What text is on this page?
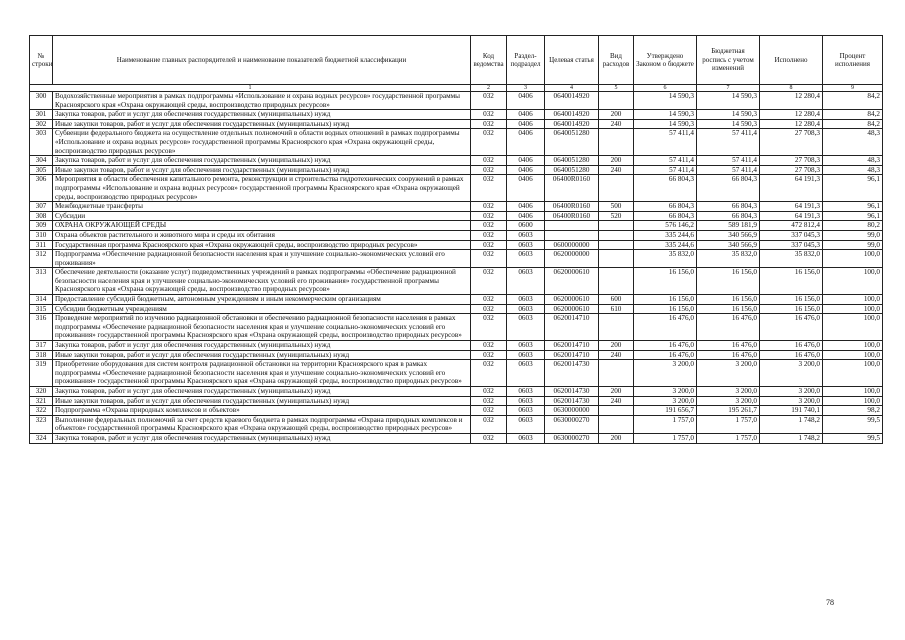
№ строки	Наименование главных распорядителей и наименование показателей бюджетной классификации	Код ведомства	Раздел-подраздел	Целевая статья	Вид расходов	Утверждено Законом о бюджете	Бюджетная роспись с учетом изменений	Исполнено	Процент исполнения
1		2	3	4	5	6	7	8	9
300	Водохозяйственные мероприятия в рамках подпрограммы «Использование и охрана водных ресурсов» государственной программы Красноярского края «Охрана окружающей среды, воспроизводство природных ресурсов»	032	0406	0640014920		14 590,3	14 590,3	12 280,4	84,2
301	Закупка товаров, работ и услуг для обеспечения государственных (муниципальных) нужд	032	0406	0640014920	200	14 590,3	14 590,3	12 280,4	84,2
302	Иные закупки товаров, работ и услуг для обеспечения государственных (муниципальных) нужд	032	0406	0640014920	240	14 590,3	14 590,3	12 280,4	84,2
303	Субвенции федерального бюджета на осуществление отдельных полномочий в области водных отношений в рамках подпрограммы «Использование и охрана водных ресурсов» государственной программы Красноярского края «Охрана окружающей среды, воспроизводство природных ресурсов»	032	0406	0640051280		57 411,4	57 411,4	27 708,3	48,3
304	Закупка товаров, работ и услуг для обеспечения государственных (муниципальных) нужд	032	0406	0640051280	200	57 411,4	57 411,4	27 708,3	48,3
305	Иные закупки товаров, работ и услуг для обеспечения государственных (муниципальных) нужд	032	0406	0640051280	240	57 411,4	57 411,4	27 708,3	48,3
306	Мероприятия в области обеспечения капитального ремонта, реконструкции и строительства гидротехнических сооружений в рамках подпрограммы «Использование и охрана водных ресурсов» государственной программы Красноярского края «Охрана окружающей среды, воспроизводство природных ресурсов»	032	0406	06400R0160		66 804,3	66 804,3	64 191,3	96,1
307	Межбюджетные трансферты	032	0406	06400R0160	500	66 804,3	66 804,3	64 191,3	96,1
308	Субсидии	032	0406	06400R0160	520	66 804,3	66 804,3	64 191,3	96,1
309	ОХРАНА ОКРУЖАЮЩЕЙ СРЕДЫ	032	0600			576 146,2	589 181,9	472 812,4	80,2
310	Охрана объектов растительного и животного мира и среды их обитания	032	0603			335 244,6	340 566,9	337 045,3	99,0
311	Государственная программа Красноярского края «Охрана окружающей среды, воспроизводство природных ресурсов»	032	0603	0600000000		335 244,6	340 566,9	337 045,3	99,0
312	Подпрограмма «Обеспечение радиационной безопасности населения края и улучшение социально-экономических условий его проживания»	032	0603	0620000000		35 832,0	35 832,0	35 832,0	100,0
313	Обеспечение деятельности (оказание услуг) подведомственных учреждений в рамках подпрограммы «Обеспечение радиационной безопасности населения края и улучшение социально-экономических условий его проживания» государственной программы Красноярского края «Охрана окружающей среды, воспроизводство природных ресурсов»	032	0603	0620000610		16 156,0	16 156,0	16 156,0	100,0
314	Предоставление субсидий бюджетным, автономным учреждениям и иным некоммерческим организациям	032	0603	0620000610	600	16 156,0	16 156,0	16 156,0	100,0
315	Субсидии бюджетным учреждениям	032	0603	0620000610	610	16 156,0	16 156,0	16 156,0	100,0
316	Проведение мероприятий по изучению радиационной обстановки и обеспечению радиационной безопасности населения в рамках подпрограммы «Обеспечение радиационной безопасности населения края и улучшение социально-экономических условий его проживания» государственной программы Красноярского края «Охрана окружающей среды, воспроизводство природных ресурсов»	032	0603	0620014710		16 476,0	16 476,0	16 476,0	100,0
317	Закупка товаров, работ и услуг для обеспечения государственных (муниципальных) нужд	032	0603	0620014710	200	16 476,0	16 476,0	16 476,0	100,0
318	Иные закупки товаров, работ и услуг для обеспечения государственных (муниципальных) нужд	032	0603	0620014710	240	16 476,0	16 476,0	16 476,0	100,0
319	Приобретение оборудования для систем контроля радиационной обстановки на территории Красноярского края в рамках подпрограммы «Обеспечение радиационной безопасности населения края и улучшение социально-экономических условий его проживания» государственной программы Красноярского края «Охрана окружающей среды, воспроизводство природных ресурсов»	032	0603	0620014730		3 200,0	3 200,0	3 200,0	100,0
320	Закупка товаров, работ и услуг для обеспечения государственных (муниципальных) нужд	032	0603	0620014730	200	3 200,0	3 200,0	3 200,0	100,0
321	Иные закупки товаров, работ и услуг для обеспечения государственных (муниципальных) нужд	032	0603	0620014730	240	3 200,0	3 200,0	3 200,0	100,0
322	Подпрограмма «Охрана природных комплексов и объектов»	032	0603	0630000000		191 656,7	195 261,7	191 740,1	98,2
323	Выполнение федеральных полномочий за счет средств краевого бюджета в рамках подпрограммы «Охрана природных комплексов и объектов» государственной программы Красноярского края «Охрана окружающей среды, воспроизводство природных ресурсов»	032	0603	0630000270		1 757,0	1 757,0	1 748,2	99,5
324	Закупка товаров, работ и услуг для обеспечения государственных (муниципальных) нужд	032	0603	0630000270	200	1 757,0	1 757,0	1 748,2	99,5
78
